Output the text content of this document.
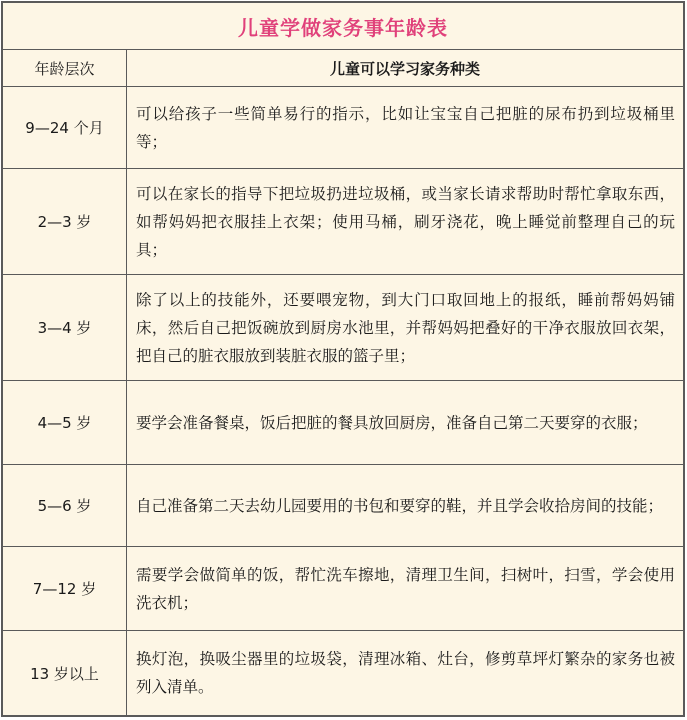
儿童学做家务事年龄表	
年龄层次	儿童可以学习家务种类
9—24 个月	可以给孩子一些简单易行的指示，比如让宝宝自己把脏的尿布扔到垃圾桶里等；
2—3 岁	可以在家长的指导下把垃圾扔进垃圾桶，或当家长请求帮助时帮忙拿取东西，如帮妈妈把衣服挂上衣架；使用马桶，刷牙浇花，晚上睡觉前整理自己的玩具；
3—4 岁	除了以上的技能外，还要喂宠物，到大门口取回地上的报纸，睡前帮妈妈铺床，然后自己把饭碗放到厨房水池里，并帮妈妈把叠好的干净衣服放回衣架，把自己的脏衣服放到装脏衣服的篮子里；
4—5 岁	要学会准备餐桌，饭后把脏的餐具放回厨房，准备自己第二天要穿的衣服；
5—6 岁	自己准备第二天去幼儿园要用的书包和要穿的鞋，并且学会收拾房间的技能；
7—12 岁	需要学会做简单的饭，帮忙洗车擦地，清理卫生间，扫树叶，扫雪，学会使用洗衣机；
13 岁以上	换灯泡，换吸尘器里的垃圾袋，清理冰箱、灶台，修剪草坪灯繁杂的家务也被列入清单。
